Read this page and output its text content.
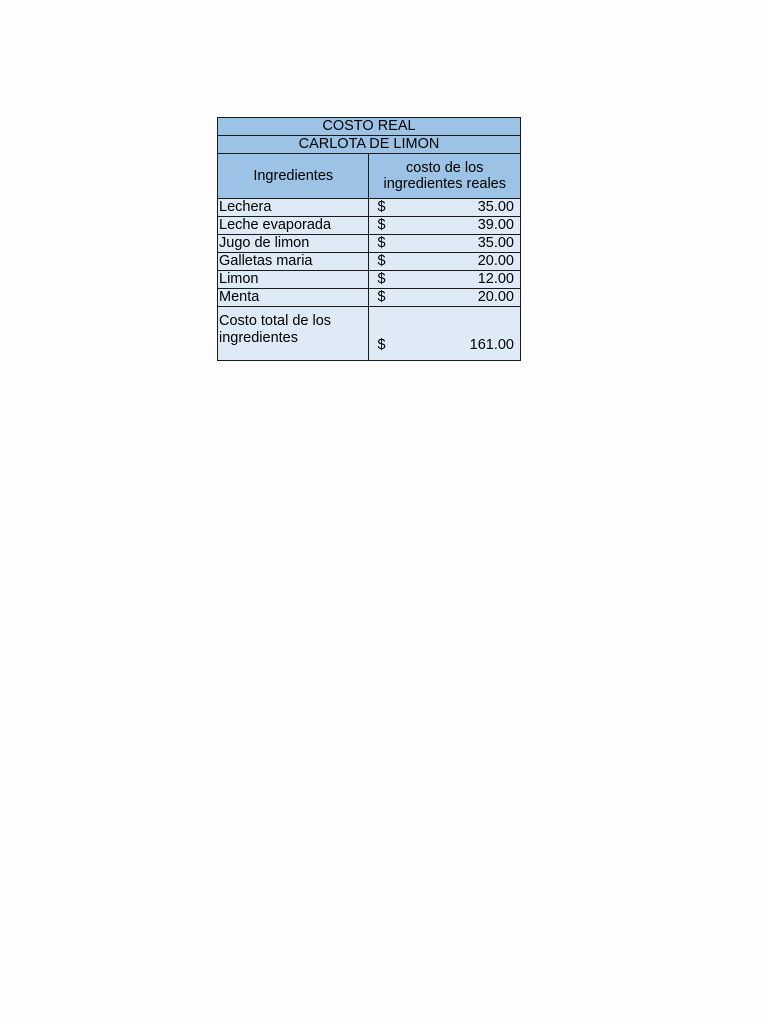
COSTO REAL	
CARLOTA DE LIMON	
Ingredientes	costo de los ingredientes reales
Lechera	$ 35.00

Leche evaporada	$ 39.00

Jugo de limon	$ 35.00

Galletas maria	$ 20.00

Limon	$ 12.00

Menta	$ 20.00

Costo total de los ingredientes	$ 161.00
